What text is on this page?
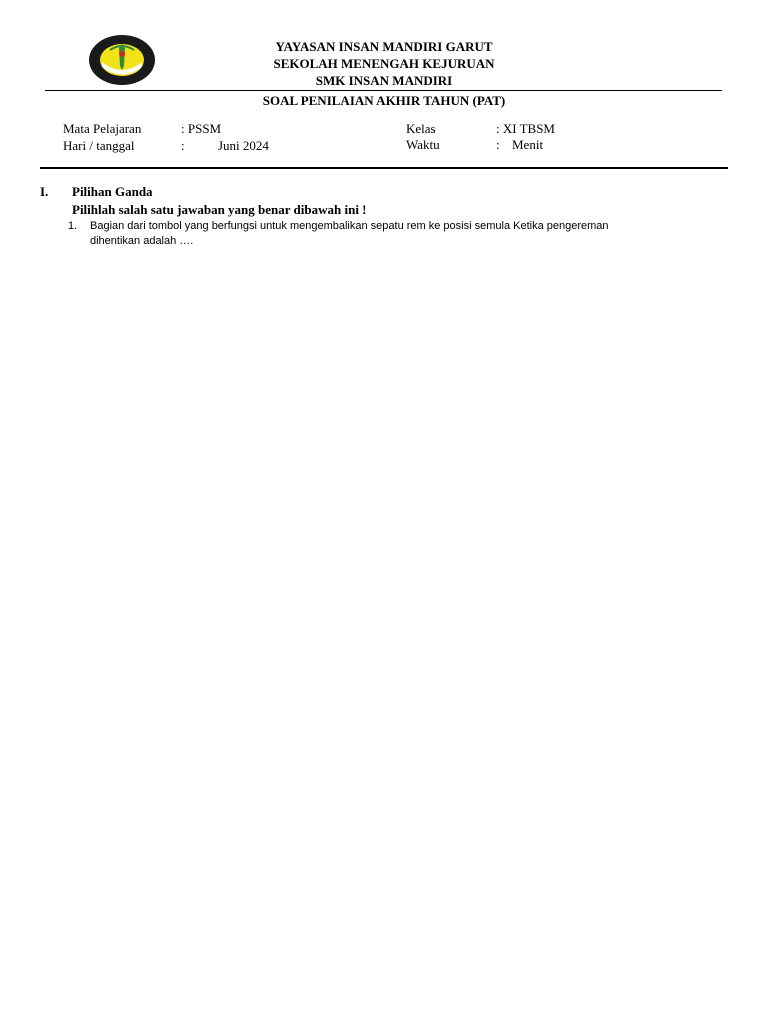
YAYASAN INSAN MANDIRI GARUT
SEKOLAH MENENGAH KEJURUAN
SMK INSAN MANDIRI
SOAL PENILAIAN AKHIR TAHUN (PAT)
Mata Pelajaran	: PSSM
Hari / tanggal	:	Juni 2024
Kelas	: XI TBSM
Waktu	: Menit
I. Pilihan Ganda
Pilihlah salah satu jawaban yang benar dibawah ini !
1. Bagian dari tombol yang berfungsi untuk mengembalikan sepatu rem ke posisi semula Ketika pengereman
dihentikan adalah ….
